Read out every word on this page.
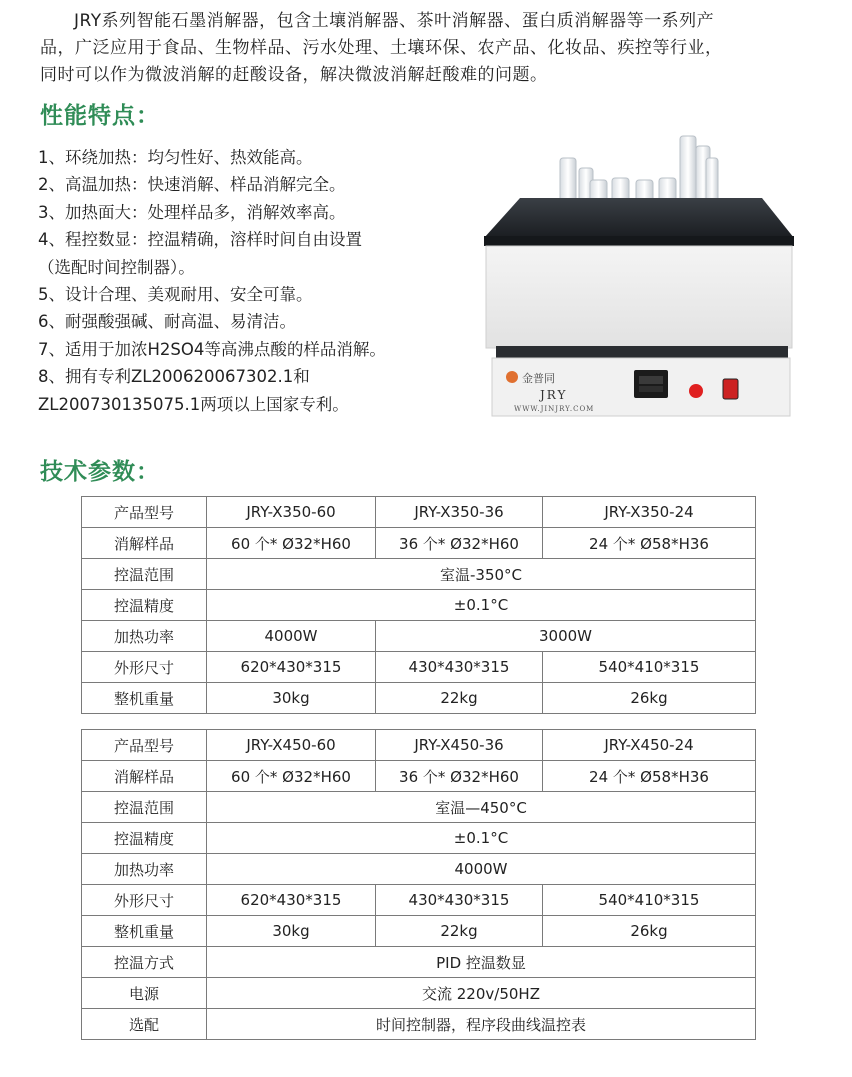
JRY系列智能石墨消解器，包含土壤消解器、茶叶消解器、蛋白质消解器等一系列产

品，广泛应用于食品、生物样品、污水处理、土壤环保、农产品、化妆品、疾控等行业，
同时可以作为微波消解的赶酸设备，解决微波消解赶酸难的问题。
性能特点：
1、环绕加热：均匀性好、热效能高。
2、高温加热：快速消解、样品消解完全。
3、加热面大：处理样品多，消解效率高。
4、程控数显：控温精确，溶样时间自由设置
（选配时间控制器）。
5、设计合理、美观耐用、安全可靠。
6、耐强酸强碱、耐高温、易清洁。
7、适用于加浓H2SO4等高沸点酸的样品消解。
8、拥有专利ZL200620067302.1和
ZL200730135075.1两项以上国家专利。
金普同
JRY
WWW.JINJRY.COM
技术参数：
产品型号	JRY-X350-60	JRY-X350-36	JRY-X350-24
消解样品	60 个* Ø32*H60	36 个* Ø32*H60	24 个* Ø58*H36
控温范围	室温-350°C		
控温精度	±0.1°C		
加热功率	4000W	3000W	
外形尺寸	620*430*315	430*430*315	540*410*315
整机重量	30kg	22kg	26kg
产品型号	JRY-X450-60	JRY-X450-36	JRY-X450-24
消解样品	60 个* Ø32*H60	36 个* Ø32*H60	24 个* Ø58*H36
控温范围	室温—450°C		
控温精度	±0.1°C		
加热功率	4000W		
外形尺寸	620*430*315	430*430*315	540*410*315
整机重量	30kg	22kg	26kg
控温方式	PID 控温数显		
电源	交流 220v/50HZ		
选配	时间控制器，程序段曲线温控表		
